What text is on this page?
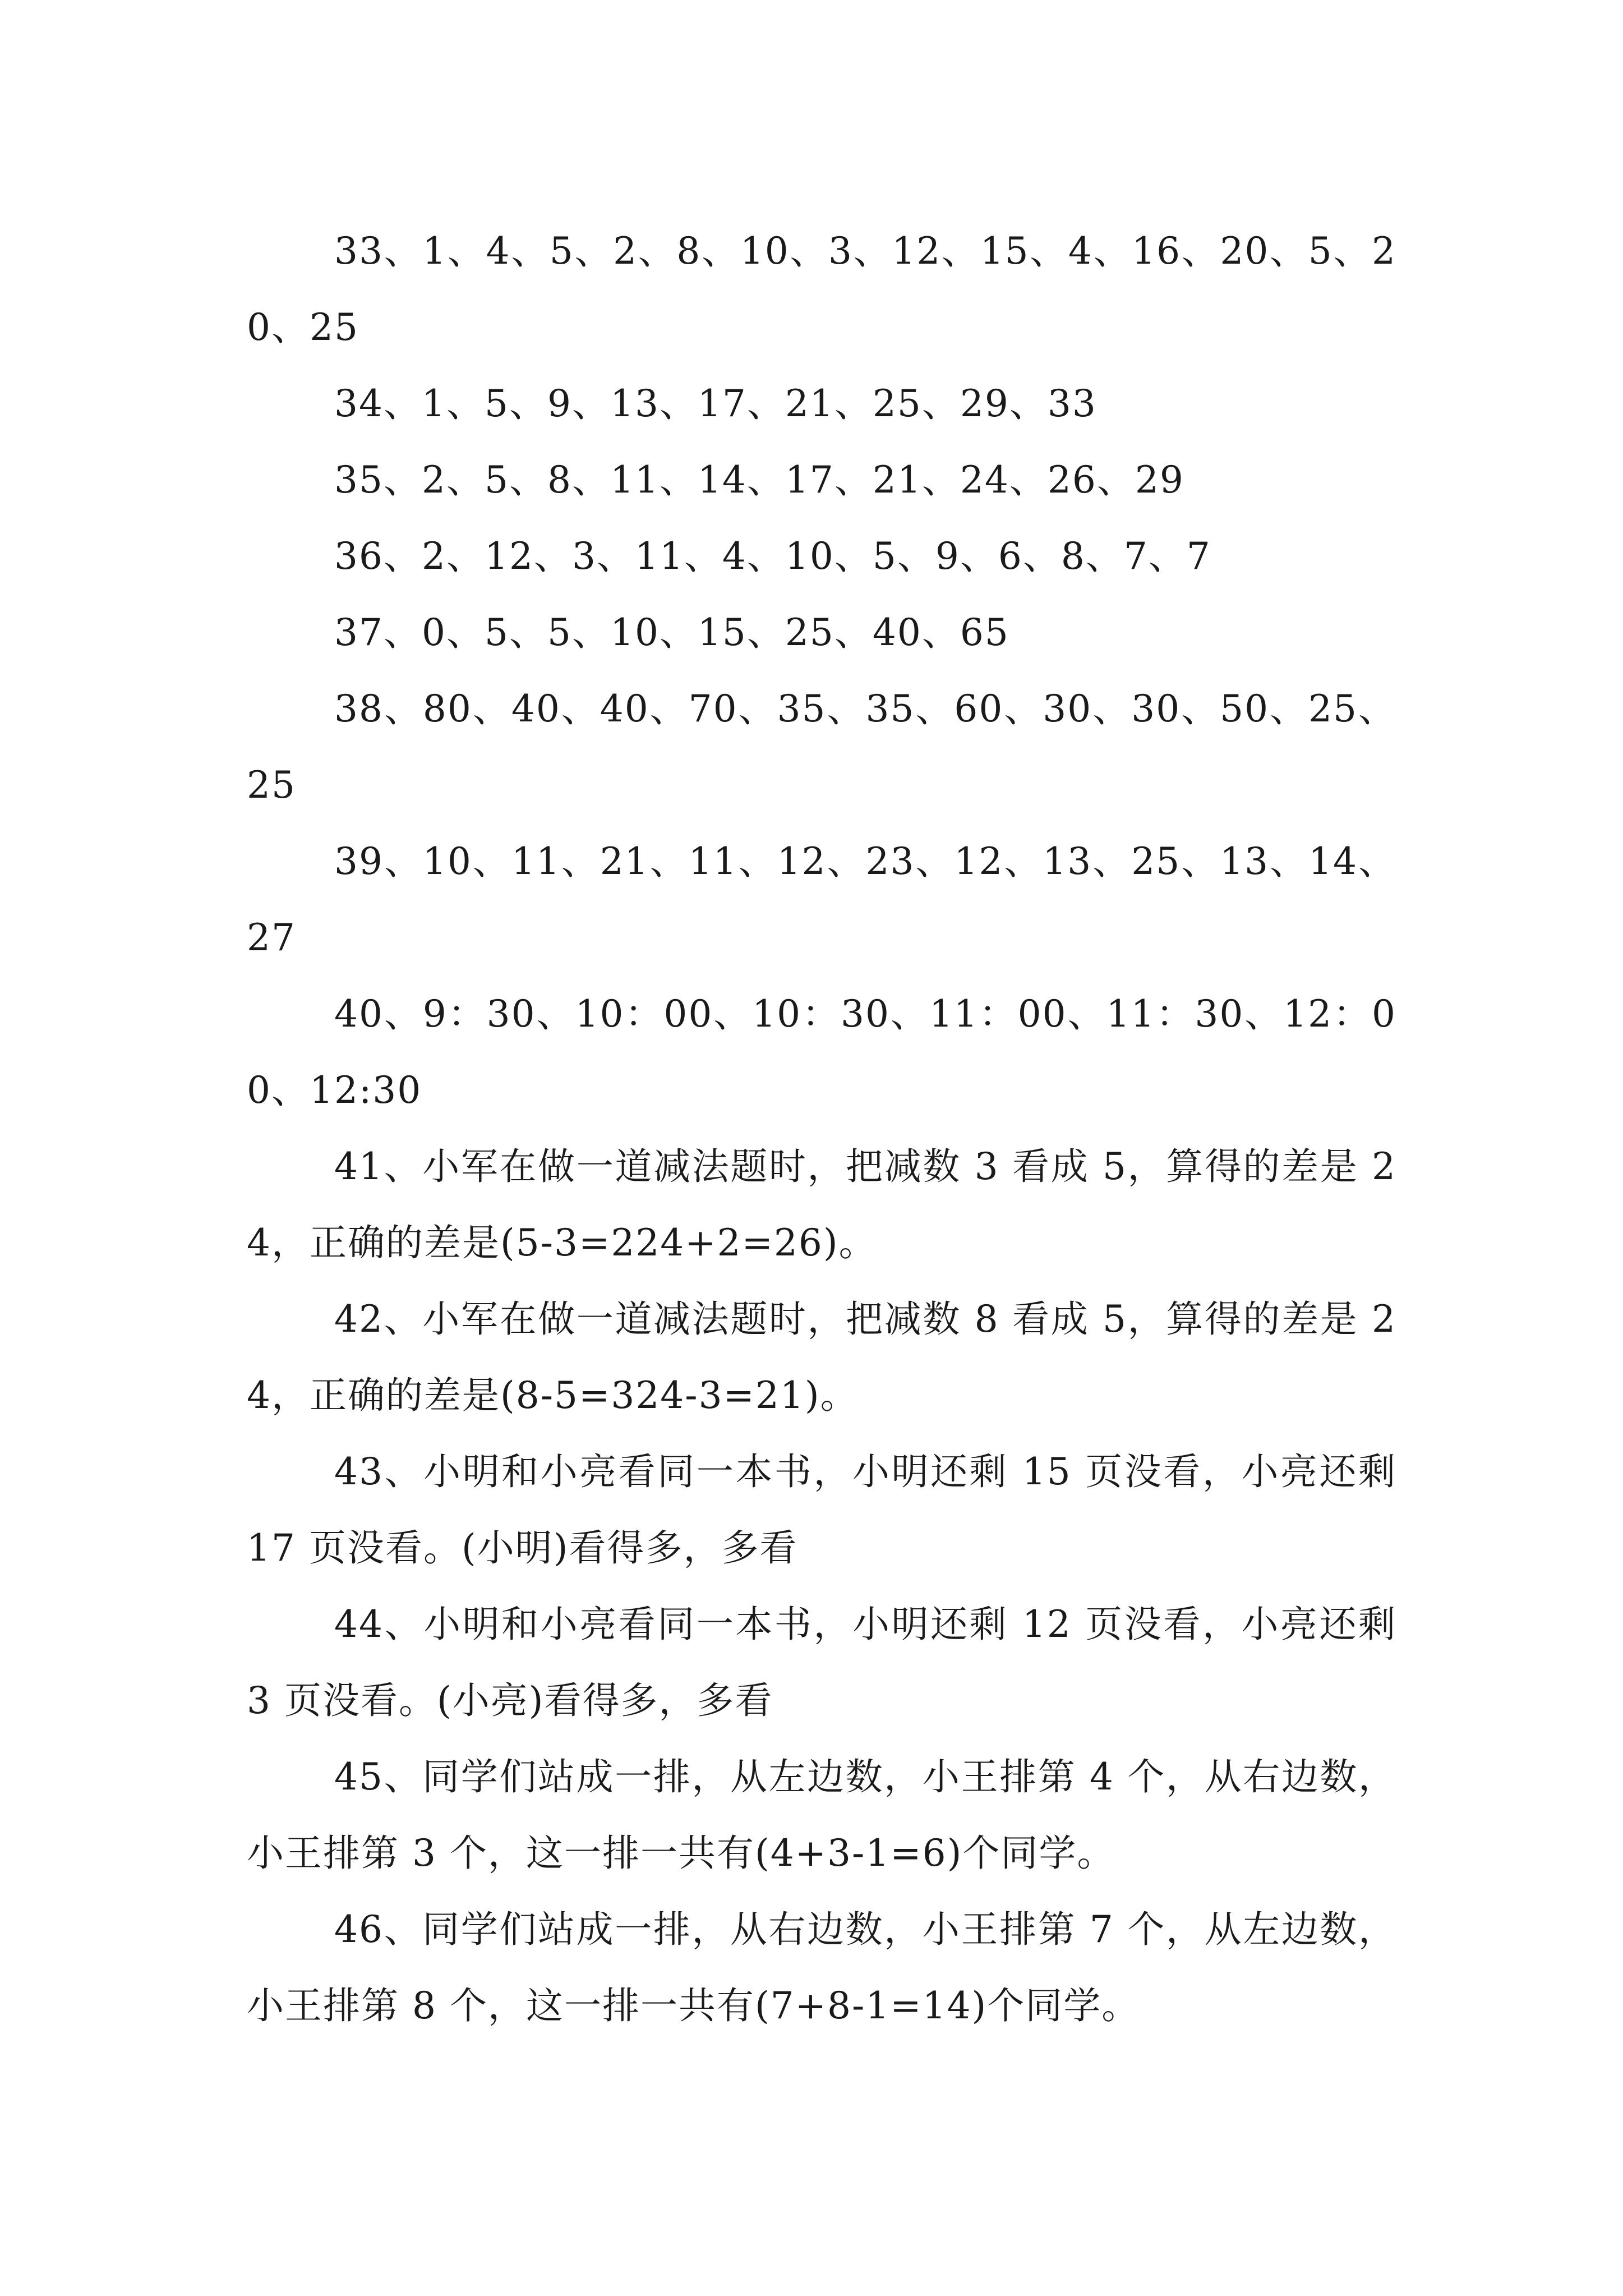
33、1、4、5、2、8、10、3、12、15、4、16、20、5、20、25

34、1、5、9、13、17、21、25、29、33

35、2、5、8、11、14、17、21、24、26、29

36、2、12、3、11、4、10、5、9、6、8、7、7

37、0、5、5、10、15、25、40、65

38、80、40、40、70、35、35、60、30、30、50、25、25

39、10、11、21、11、12、23、12、13、25、13、14、27

40、9：30、10：00、10：30、11：00、11：30、12：00、12:30

41、小军在做一道减法题时，把减数 3 看成 5，算得的差是 24，正确的差是(5-3=224+2=26)。

42、小军在做一道减法题时，把减数 8 看成 5，算得的差是 24，正确的差是(8-5=324-3=21)。

43、小明和小亮看同一本书，小明还剩 15 页没看，小亮还剩 17 页没看。(小明)看得多，多看

44、小明和小亮看同一本书，小明还剩 12 页没看，小亮还剩 3 页没看。(小亮)看得多，多看

45、同学们站成一排，从左边数，小王排第 4 个，从右边数，小王排第 3 个，这一排一共有(4+3-1=6)个同学。

46、同学们站成一排，从右边数，小王排第 7 个，从左边数，小王排第 8 个，这一排一共有(7+8-1=14)个同学。
